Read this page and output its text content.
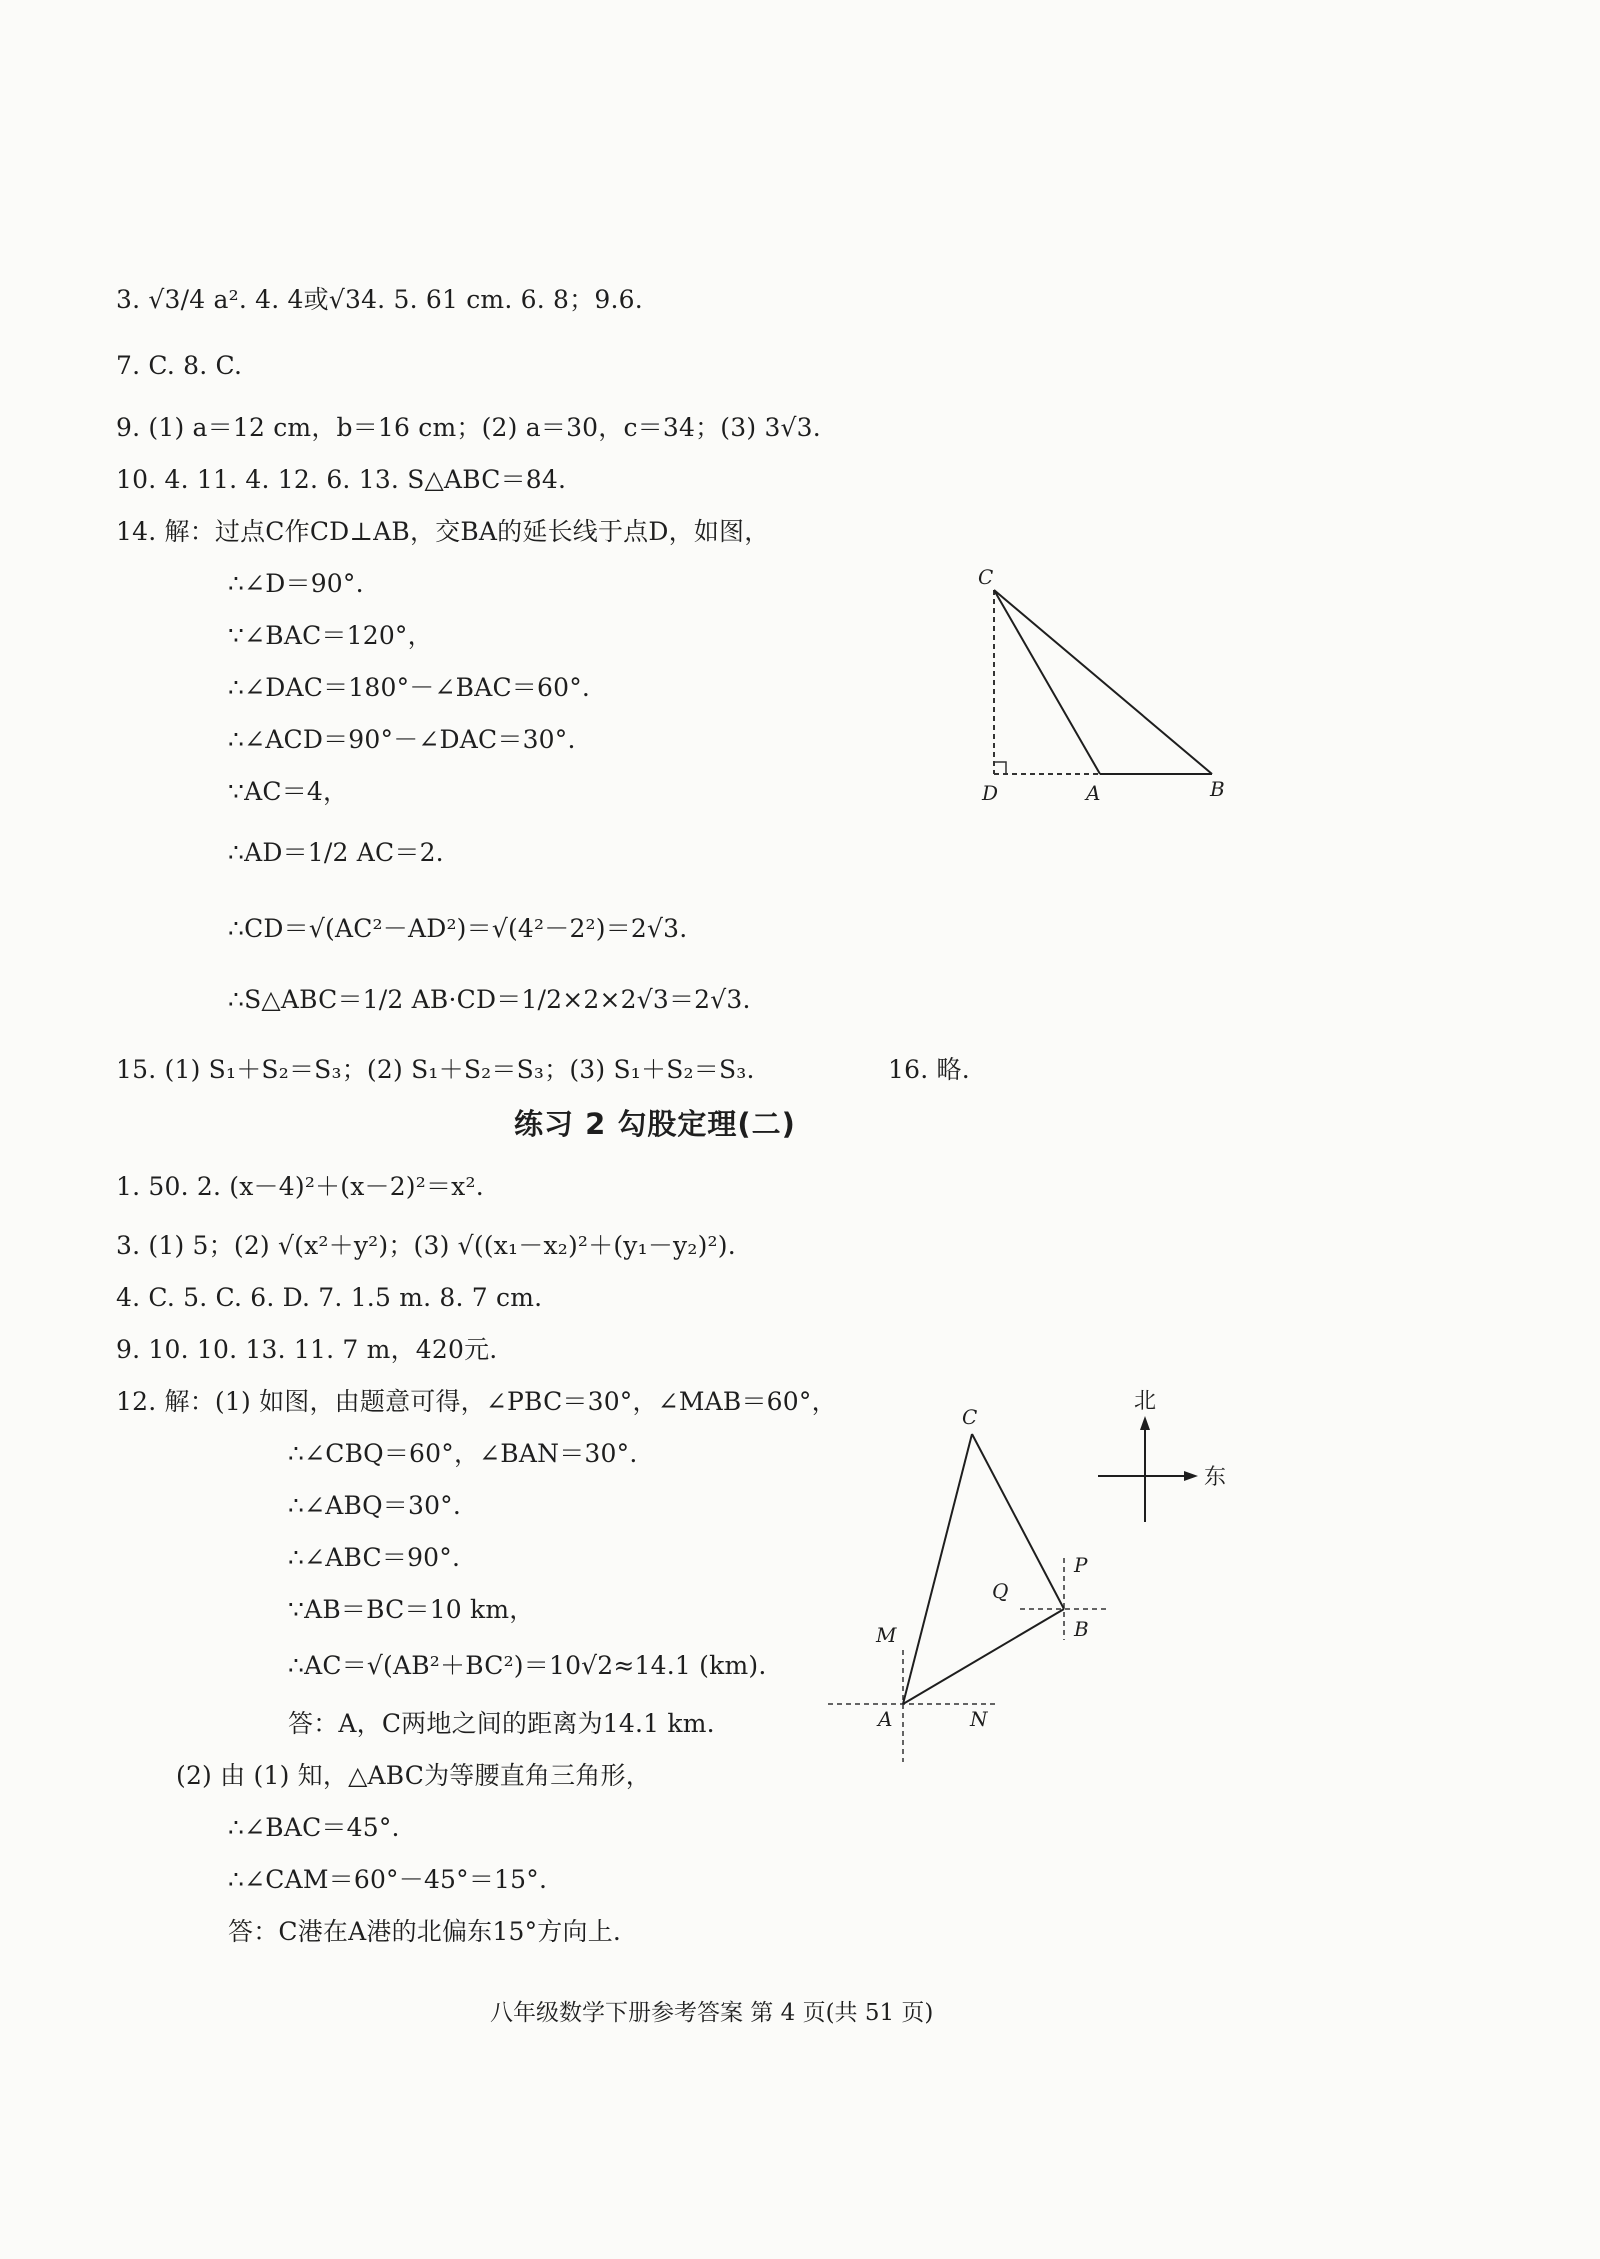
3. √3/4 a². 4. 4或√34. 5. 61 cm. 6. 8；9.6.
7. C. 8. C.
9. (1) a＝12 cm，b＝16 cm；(2) a＝30，c＝34；(3) 3√3.
10. 4. 11. 4. 12. 6. 13. S△ABC＝84.
14. 解：过点C作CD⊥AB，交BA的延长线于点D，如图，
∴∠D＝90°.
∵∠BAC＝120°，
∴∠DAC＝180°－∠BAC＝60°.
∴∠ACD＝90°－∠DAC＝30°.
∵AC＝4，
∴AD＝1/2 AC＝2.
∴CD＝√(AC²－AD²)＝√(4²－2²)＝2√3.
∴S△ABC＝1/2 AB·CD＝1/2×2×2√3＝2√3.
15. (1) S₁＋S₂＝S₃；(2) S₁＋S₂＝S₃；(3) S₁＋S₂＝S₃.	16. 略.
C
D	A	B
练习 2 勾股定理(二)
1. 50. 2. (x－4)²＋(x－2)²＝x².
3. (1) 5；(2) √(x²＋y²)；(3) √((x₁－x₂)²＋(y₁－y₂)²).
4. C. 5. C. 6. D. 7. 1.5 m. 8. 7 cm.
9. 10. 10. 13. 11. 7 m，420元.
12. 解：(1) 如图，由题意可得，∠PBC＝30°，∠MAB＝60°，
∴∠CBQ＝60°，∠BAN＝30°.
∴∠ABQ＝30°.
∴∠ABC＝90°.
∵AB＝BC＝10 km，
∴AC＝√(AB²＋BC²)＝10√2≈14.1 (km).
答：A，C两地之间的距离为14.1 km.
(2) 由 (1) 知，△ABC为等腰直角三角形，
∴∠BAC＝45°.
∴∠CAM＝60°－45°＝15°.
答：C港在A港的北偏东15°方向上.
北
东
C
P
Q
B
M
A	N
八年级数学下册参考答案 第 4 页(共 51 页)
